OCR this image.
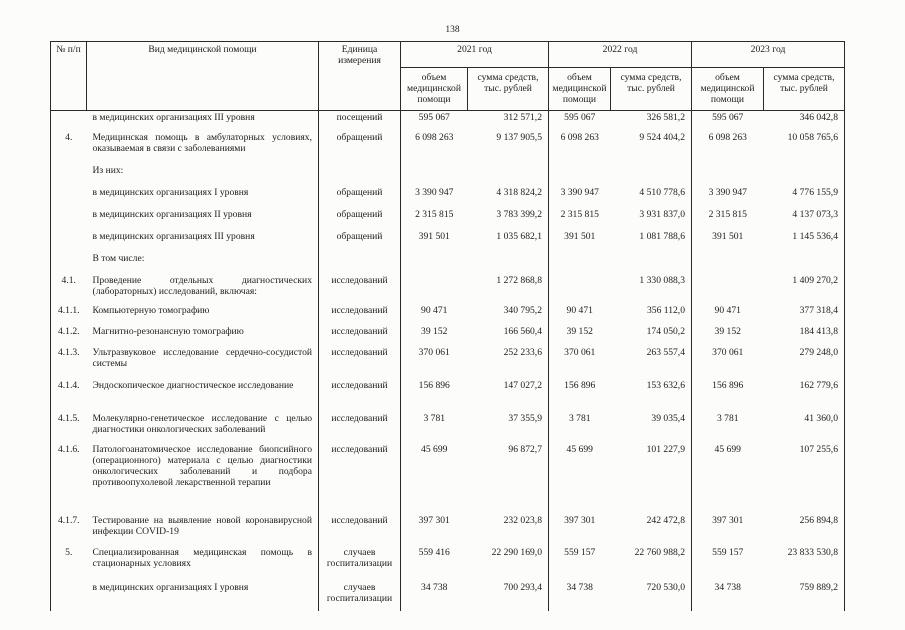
138
№ п/п	Вид медицинской помощи	Единица измерения	2021 год		2022 год		2023 год	
			объем медицинской помощи	сумма средств, тыс. рублей	объем медицинской помощи	сумма средств, тыс. рублей	объем медицинской помощи	сумма средств, тыс. рублей
	в медицинских организациях III уровня	посещений	595 067	312 571,2	595 067	326 581,2	595 067	346 042,8
4.	Медицинская помощь в амбулаторных условиях, оказываемая в связи с заболеваниями	обращений	6 098 263	9 137 905,5	6 098 263	9 524 404,2	6 098 263	10 058 765,6
	Из них:							
	в медицинских организациях I уровня	обращений	3 390 947	4 318 824,2	3 390 947	4 510 778,6	3 390 947	4 776 155,9
	в медицинских организациях II уровня	обращений	2 315 815	3 783 399,2	2 315 815	3 931 837,0	2 315 815	4 137 073,3
	в медицинских организациях III уровня	обращений	391 501	1 035 682,1	391 501	1 081 788,6	391 501	1 145 536,4
	В том числе:							
4.1.	Проведение отдельных диагностических (лабораторных) исследований, включая:	исследований		1 272 868,8		1 330 088,3		1 409 270,2
4.1.1.	Компьютерную томографию	исследований	90 471	340 795,2	90 471	356 112,0	90 471	377 318,4
4.1.2.	Магнитно-резонансную томографию	исследований	39 152	166 560,4	39 152	174 050,2	39 152	184 413,8
4.1.3.	Ультразвуковое исследование сердечно-сосудистой системы	исследований	370 061	252 233,6	370 061	263 557,4	370 061	279 248,0
4.1.4.	Эндоскопическое диагностическое исследование	исследований	156 896	147 027,2	156 896	153 632,6	156 896	162 779,6
4.1.5.	Молекулярно-генетическое исследование с целью диагностики онкологических заболеваний	исследований	3 781	37 355,9	3 781	39 035,4	3 781	41 360,0
4.1.6.	Патологоанатомическое исследование биопсийного (операционного) материала с целью диагностики онкологических заболеваний и подбора противоопухолевой лекарственной терапии	исследований	45 699	96 872,7	45 699	101 227,9	45 699	107 255,6
4.1.7.	Тестирование на выявление новой коронавирусной инфекции COVID-19	исследований	397 301	232 023,8	397 301	242 472,8	397 301	256 894,8
5.	Специализированная медицинская помощь в стационарных условиях	случаев госпитализации	559 416	22 290 169,0	559 157	22 760 988,2	559 157	23 833 530,8
	в медицинских организациях I уровня	случаев госпитализации	34 738	700 293,4	34 738	720 530,0	34 738	759 889,2
